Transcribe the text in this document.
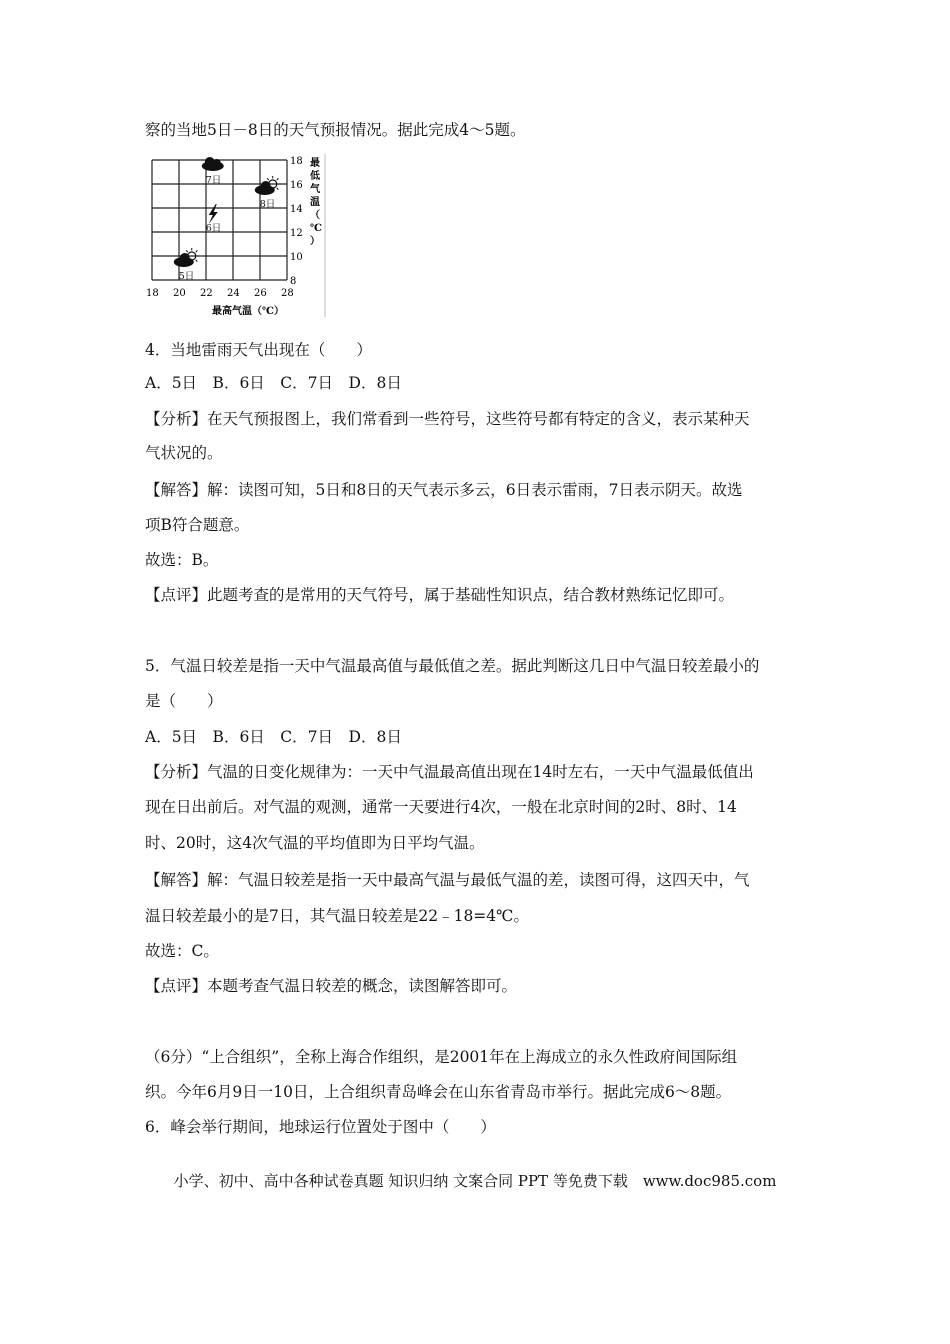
察的当地5日－8日的天气预报情况。据此完成4～5题。
18 20 22 24 26 28
18
16
14
12
10
8
最
低
气
温
（
℃
）
5日
6日
7日
8日
最高气温（℃）
4．当地雷雨天气出现在（　　）
A．5日　B．6日　C．7日　D．8日
【分析】在天气预报图上，我们常看到一些符号，这些符号都有特定的含义，表示某种天
气状况的。
【解答】解：读图可知，5日和8日的天气表示多云，6日表示雷雨，7日表示阴天。故选
项B符合题意。
故选：B。
【点评】此题考查的是常用的天气符号，属于基础性知识点，结合教材熟练记忆即可。
5．气温日较差是指一天中气温最高值与最低值之差。据此判断这几日中气温日较差最小的
是（　　）
A．5日　B．6日　C．7日　D．8日
【分析】气温的日变化规律为：一天中气温最高值出现在14时左右，一天中气温最低值出
现在日出前后。对气温的观测，通常一天要进行4次，一般在北京时间的2时、8时、14
时、20时，这4次气温的平均值即为日平均气温。
【解答】解：气温日较差是指一天中最高气温与最低气温的差，读图可得，这四天中，气
温日较差最小的是7日，其气温日较差是22﹣18=4℃。
故选：C。
【点评】本题考查气温日较差的概念，读图解答即可。
（6分）“上合组织”，全称上海合作组织，是2001年在上海成立的永久性政府间国际组
织。今年6月9日一10日，上合组织青岛峰会在山东省青岛市举行。据此完成6～8题。
6．峰会举行期间，地球运行位置处于图中（　　）
小学、初中、高中各种试卷真题 知识归纳 文案合同 PPT 等免费下载　www.doc985.com
